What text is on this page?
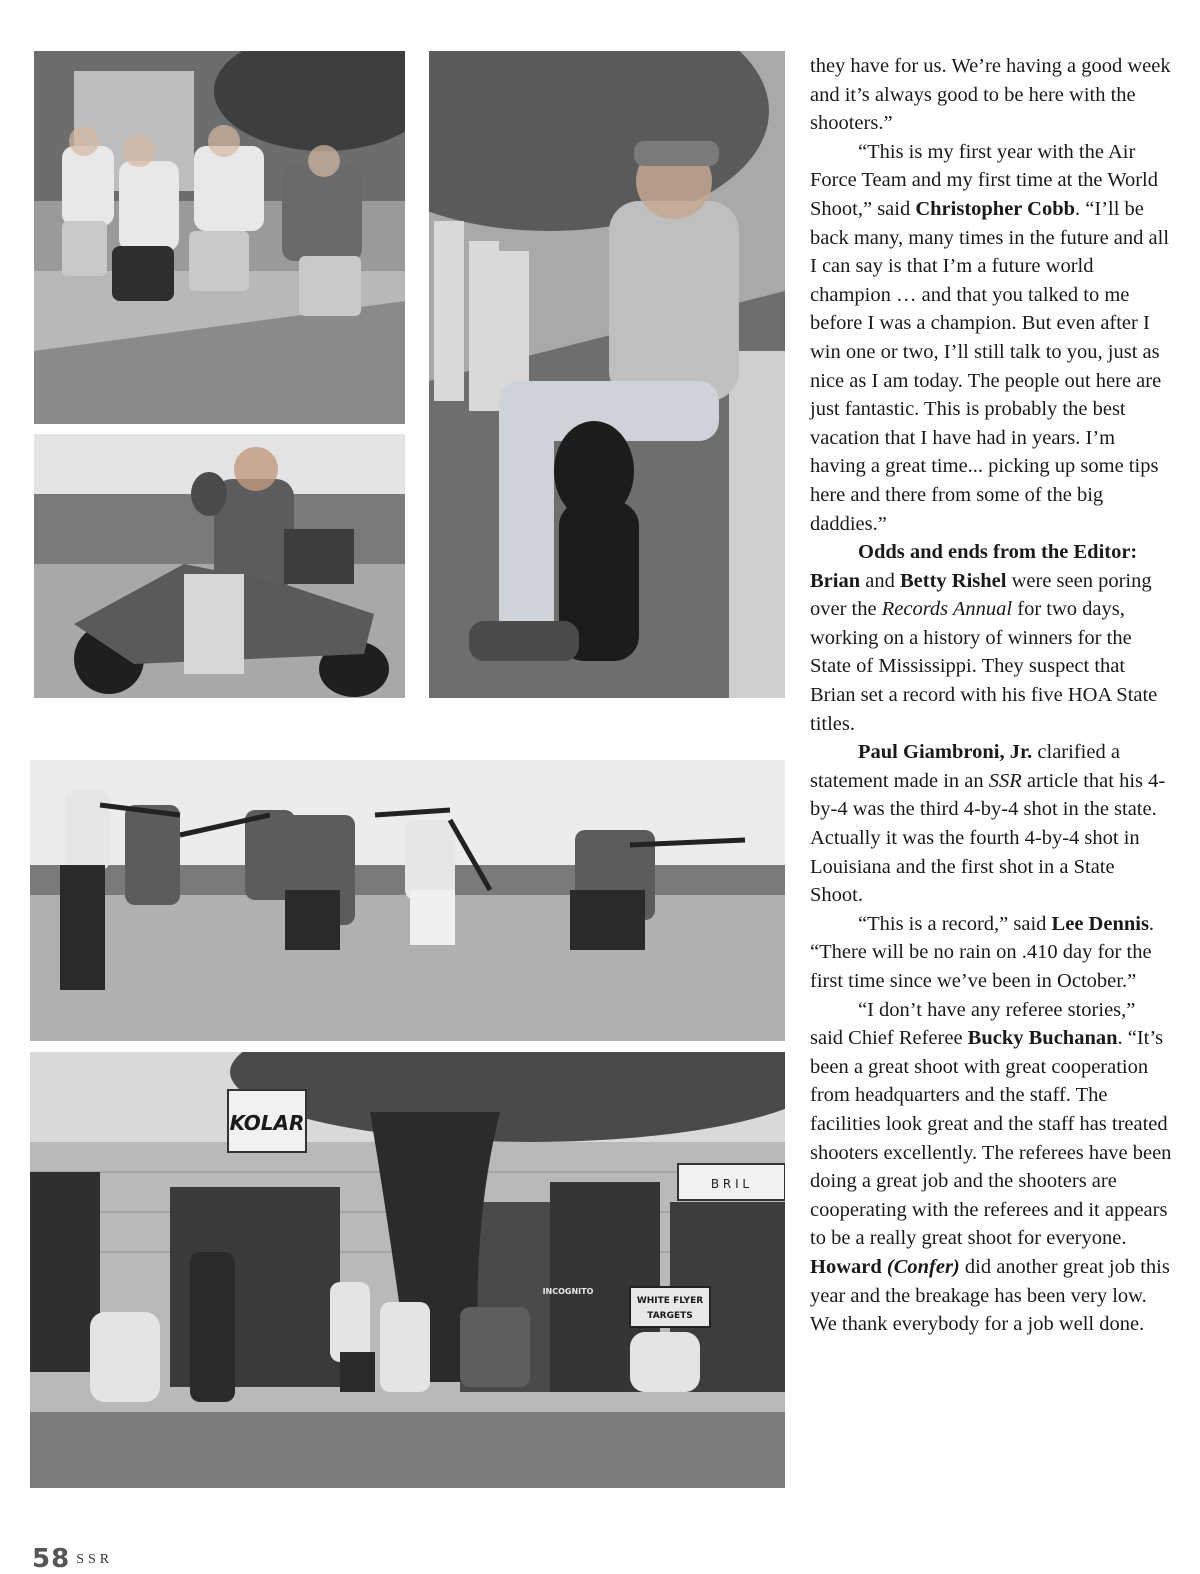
KOLAR
WHITE FLYER
TARGETS
INCOGNITO
B R I L

they have for us. We’re having a good week and it’s always good to be here with the shooters.”

“This is my first year with the Air Force Team and my first time at the World Shoot,” said Christopher Cobb. “I’ll be back many, many times in the future and all I can say is that I’m a future world champion … and that you talked to me before I was a champion. But even after I win one or two, I’ll still talk to you, just as nice as I am today. The people out here are just fantastic. This is probably the best vacation that I have had in years. I’m having a great time... picking up some tips here and there from some of the big daddies.”

Odds and ends from the Editor: Brian and Betty Rishel were seen poring over the Records Annual for two days, working on a history of winners for the State of Mississippi. They suspect that Brian set a record with his five HOA State titles.

Paul Giambroni, Jr. clarified a statement made in an SSR article that his 4-by-4 was the third 4-by-4 shot in the state. Actually it was the fourth 4-by-4 shot in Louisiana and the first shot in a State Shoot.

“This is a record,” said Lee Dennis. “There will be no rain on .410 day for the first time since we’ve been in October.”

“I don’t have any referee stories,” said Chief Referee Bucky Buchanan. “It’s been a great shoot with great cooperation from headquarters and the staff. The facilities look great and the staff has treated shooters excellently. The referees have been doing a great job and the shooters are cooperating with the referees and it appears to be a really great shoot for everyone. Howard (Confer) did another great job this year and the breakage has been very low. We thank everybody for a job well done.

58 SSR
